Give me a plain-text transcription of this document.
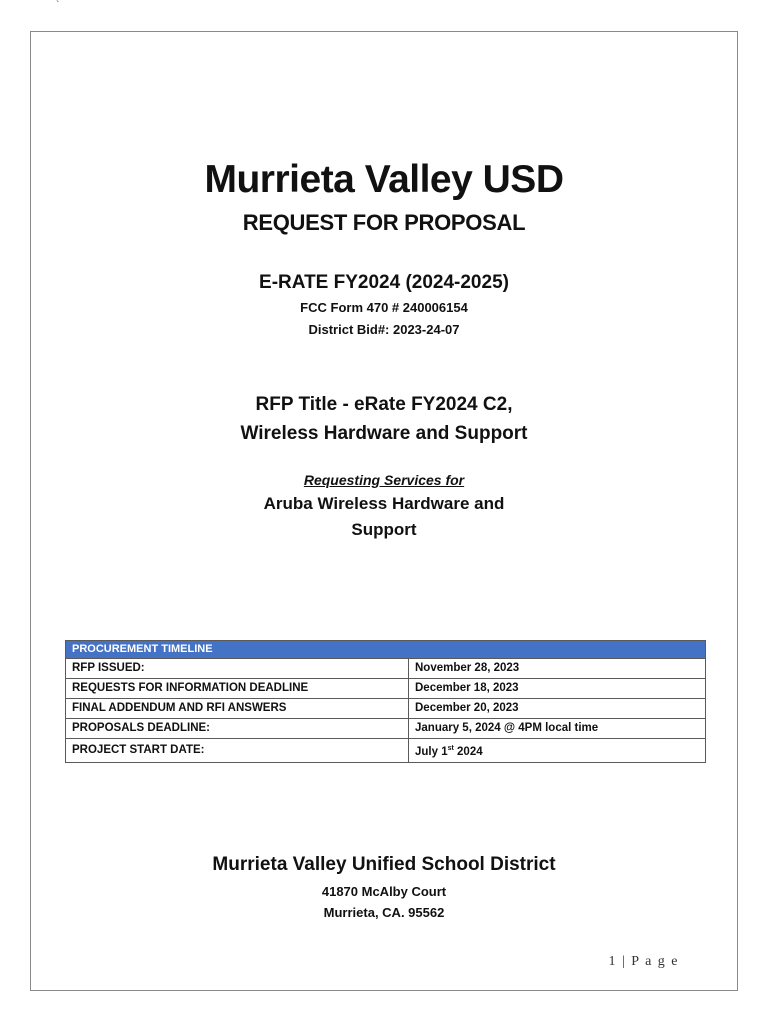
`
Murrieta Valley USD
REQUEST FOR PROPOSAL
E-RATE FY2024 (2024-2025)
FCC Form 470 # 240006154
District Bid#: 2023-24-07
RFP Title - eRate FY2024 C2,
Wireless Hardware and Support
Requesting Services for
Aruba Wireless Hardware and
Support
PROCUREMENT TIMELINE	
RFP ISSUED:	November 28, 2023
REQUESTS FOR INFORMATION DEADLINE	December 18, 2023
FINAL ADDENDUM AND RFI ANSWERS	December 20, 2023
PROPOSALS DEADLINE:	January 5, 2024 @ 4PM local time
PROJECT START DATE:	July 1st 2024
Murrieta Valley Unified School District
41870 McAlby Court
Murrieta, CA. 95562
1 | P a g e
